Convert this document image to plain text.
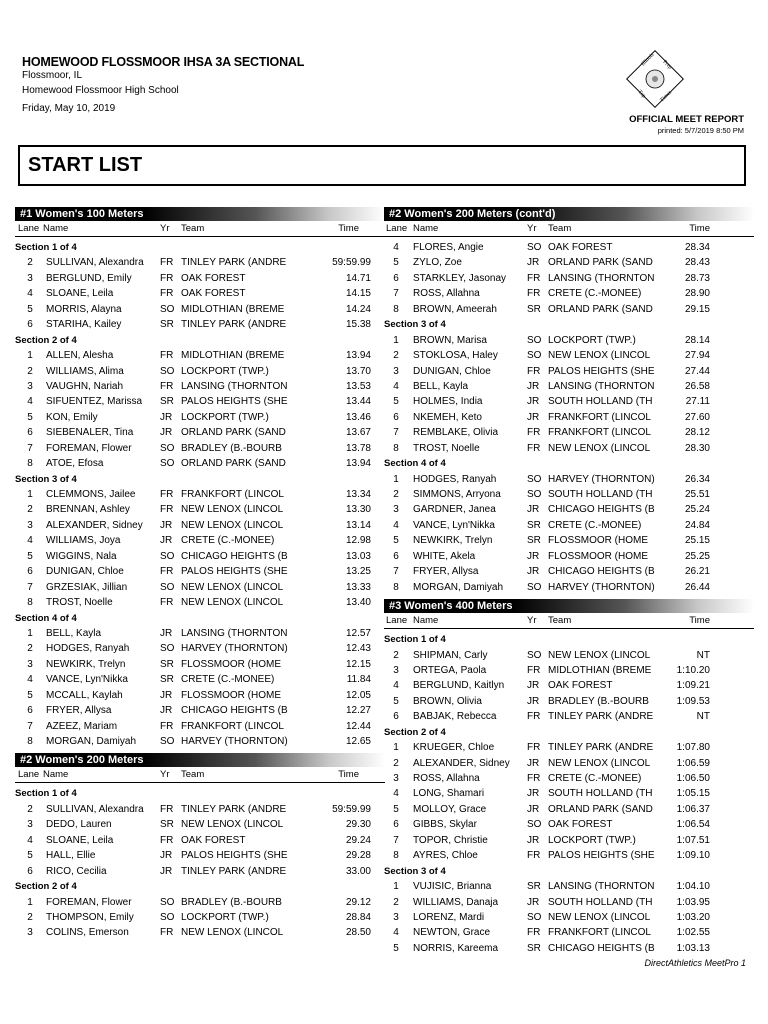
HOMEWOOD FLOSSMOOR IHSA 3A SECTIONAL
Flossmoor, IL
Homewood Flossmoor High School
Friday, May 10, 2019
Illinois Prep
Top Times
OFFICIAL MEET REPORT
printed: 5/7/2019 8:50 PM
START LIST
#1 Women's 100 Meters
Lane Name	Yr Team	Time
Section 1 of 4
2	SULLIVAN, Alexandra FR TINLEY PARK (ANDRE	59:59.99
3	BERGLUND, Emily	FR OAK FOREST	14.71
4	SLOANE, Leila	FR OAK FOREST	14.15
5	MORRIS, Alayna	SO MIDLOTHIAN (BREME	14.24
6	STARIHA, Kailey	SR TINLEY PARK (ANDRE	15.38
Section 2 of 4
1	ALLEN, Alesha	FR MIDLOTHIAN (BREME	13.94
2	WILLIAMS, Alima	SO LOCKPORT (TWP.)	13.70
3	VAUGHN, Nariah	FR LANSING (THORNTON	13.53
4	SIFUENTEZ, Marissa SR PALOS HEIGHTS (SHE	13.44
5	KON, Emily	JR LOCKPORT (TWP.)	13.46
6	SIEBENALER, Tina	JR ORLAND PARK (SAND	13.67
7	FOREMAN, Flower	SO BRADLEY (B.-BOURB	13.78
8	ATOE, Efosa	SO ORLAND PARK (SAND	13.94
Section 3 of 4
1	CLEMMONS, Jailee FR FRANKFORT (LINCOL	13.34
2	BRENNAN, Ashley	FR NEW LENOX (LINCOL	13.30
3	ALEXANDER, Sidney JR NEW LENOX (LINCOL	13.14
4	WILLIAMS, Joya	JR CRETE (C.-MONEE)	12.98
5	WIGGINS, Nala	SO CHICAGO HEIGHTS (B	13.03
6	DUNIGAN, Chloe	FR PALOS HEIGHTS (SHE	13.25
7	GRZESIAK, Jillian	SO NEW LENOX (LINCOL	13.33
8	TROST, Noelle	FR NEW LENOX (LINCOL	13.40
Section 4 of 4
1	BELL, Kayla	JR LANSING (THORNTON	12.57
2	HODGES, Ranyah	SO HARVEY (THORNTON)	12.43
3	NEWKIRK, Trelyn	SR FLOSSMOOR (HOME	12.15
4	VANCE, Lyn'Nikka	SR CRETE (C.-MONEE)	11.84
5	MCCALL, Kaylah	JR FLOSSMOOR (HOME	12.05
6	FRYER, Allysa	JR CHICAGO HEIGHTS (B	12.27
7	AZEEZ, Mariam	FR FRANKFORT (LINCOL	12.44
8	MORGAN, Damiyah SO HARVEY (THORNTON)	12.65
#2 Women's 200 Meters
Lane Name	Yr Team	Time
Section 1 of 4
2	SULLIVAN, Alexandra FR TINLEY PARK (ANDRE	59:59.99
3	DEDO, Lauren	SR NEW LENOX (LINCOL	29.30
4	SLOANE, Leila	FR OAK FOREST	29.24
5	HALL, Ellie	JR PALOS HEIGHTS (SHE	29.28
6	RICO, Cecilia	JR TINLEY PARK (ANDRE	33.00
Section 2 of 4
1	FOREMAN, Flower	SO BRADLEY (B.-BOURB	29.12
2	THOMPSON, Emily	SO LOCKPORT (TWP.)	28.84
3	COLINS, Emerson	FR NEW LENOX (LINCOL	28.50
#2 Women's 200 Meters (cont'd)
Lane Name	Yr Team	Time
4	FLORES, Angie	SO OAK FOREST	28.34
5	ZYLO, Zoe	JR ORLAND PARK (SAND	28.43
6	STARKLEY, Jasonay FR LANSING (THORNTON	28.73
7	ROSS, Allahna	FR CRETE (C.-MONEE)	28.90
8	BROWN, Ameerah	SR ORLAND PARK (SAND	29.15
Section 3 of 4
1	BROWN, Marisa	SO LOCKPORT (TWP.)	28.14
2	STOKLOSA, Haley	SO NEW LENOX (LINCOL	27.94
3	DUNIGAN, Chloe	FR PALOS HEIGHTS (SHE	27.44
4	BELL, Kayla	JR LANSING (THORNTON	26.58
5	HOLMES, India	JR SOUTH HOLLAND (TH	27.11
6	NKEMEH, Keto	JR FRANKFORT (LINCOL	27.60
7	REMBLAKE, Olivia	FR FRANKFORT (LINCOL	28.12
8	TROST, Noelle	FR NEW LENOX (LINCOL	28.30
Section 4 of 4
1	HODGES, Ranyah	SO HARVEY (THORNTON)	26.34
2	SIMMONS, Arryona	SO SOUTH HOLLAND (TH	25.51
3	GARDNER, Janea	JR CHICAGO HEIGHTS (B	25.24
4	VANCE, Lyn'Nikka	SR CRETE (C.-MONEE)	24.84
5	NEWKIRK, Trelyn	SR FLOSSMOOR (HOME	25.15
6	WHITE, Akela	JR FLOSSMOOR (HOME	25.25
7	FRYER, Allysa	JR CHICAGO HEIGHTS (B	26.21
8	MORGAN, Damiyah SO HARVEY (THORNTON)	26.44
#3 Women's 400 Meters
Lane Name	Yr Team	Time
Section 1 of 4
2	SHIPMAN, Carly	SO NEW LENOX (LINCOL	NT
3	ORTEGA, Paola	FR MIDLOTHIAN (BREME	1:10.20
4	BERGLUND, Kaitlyn JR OAK FOREST	1:09.21
5	BROWN, Olivia	JR BRADLEY (B.-BOURB	1:09.53
6	BABJAK, Rebecca	FR TINLEY PARK (ANDRE	NT
Section 2 of 4
1	KRUEGER, Chloe	FR TINLEY PARK (ANDRE 1:07.80
2	ALEXANDER, Sidney JR NEW LENOX (LINCOL	1:06.59
3	ROSS, Allahna	FR CRETE (C.-MONEE)	1:06.50
4	LONG, Shamari	JR SOUTH HOLLAND (TH 1:05.15
5	MOLLOY, Grace	JR ORLAND PARK (SAND 1:06.37
6	GIBBS, Skylar	SO OAK FOREST	1:06.54
7	TOPOR, Christie	JR LOCKPORT (TWP.)	1:07.51
8	AYRES, Chloe	FR PALOS HEIGHTS (SHE 1:09.10
Section 3 of 4
1	VUJISIC, Brianna	SR LANSING (THORNTON 1:04.10
2	WILLIAMS, Danaja	JR SOUTH HOLLAND (TH 1:03.95
3	LORENZ, Mardi	SO NEW LENOX (LINCOL	1:03.20
4	NEWTON, Grace	FR FRANKFORT (LINCOL	1:02.55
5	NORRIS, Kareema	SR CHICAGO HEIGHTS (B 1:03.13
DirectAthletics MeetPro 1
